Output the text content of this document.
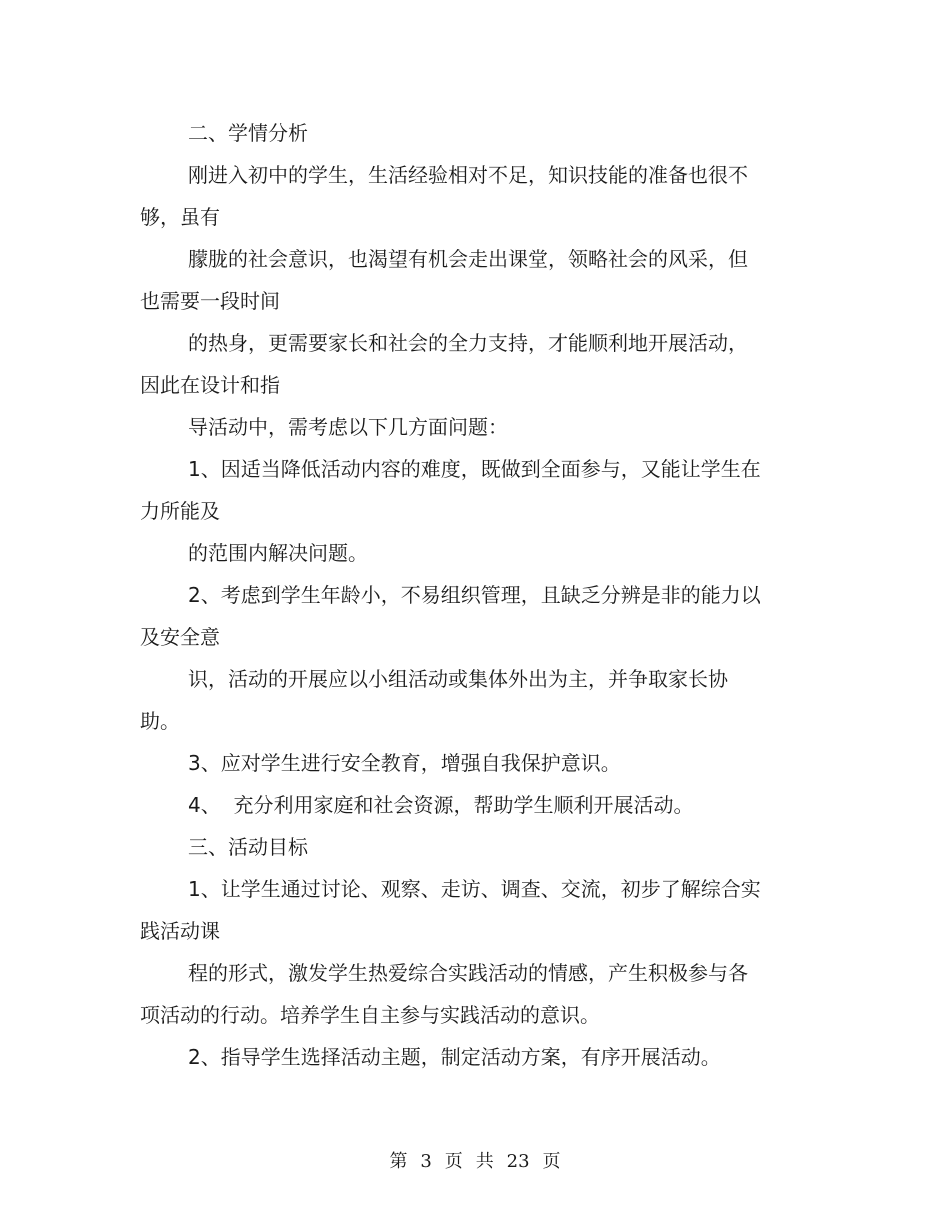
二、学情分析

刚进入初中的学生，生活经验相对不足，知识技能的准备也很不

够，虽有

朦胧的社会意识，也渴望有机会走出课堂，领略社会的风采，但

也需要一段时间

的热身，更需要家长和社会的全力支持，才能顺利地开展活动，

因此在设计和指

导活动中，需考虑以下几方面问题：

1、因适当降低活动内容的难度，既做到全面参与，又能让学生在

力所能及

的范围内解决问题。

2、考虑到学生年龄小，不易组织管理，且缺乏分辨是非的能力以

及安全意

识，活动的开展应以小组活动或集体外出为主，并争取家长协

助。

3、应对学生进行安全教育，增强自我保护意识。

4、  充分利用家庭和社会资源，帮助学生顺利开展活动。

三、活动目标

1、让学生通过讨论、观察、走访、调查、交流，初步了解综合实

践活动课

程的形式，激发学生热爱综合实践活动的情感，产生积极参与各

项活动的行动。培养学生自主参与实践活动的意识。

2、指导学生选择活动主题，制定活动方案，有序开展活动。

第 3 页 共 23 页
